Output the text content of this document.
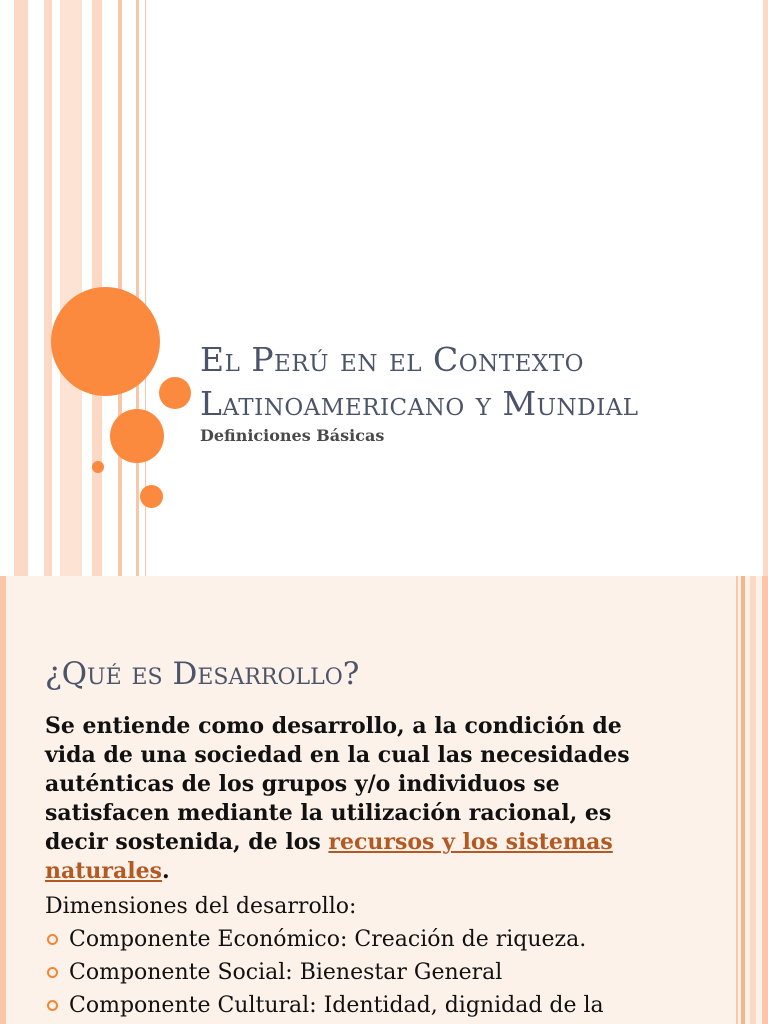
El Perú en el Contexto
Latinoamericano y Mundial
Definiciones Básicas
¿Qué es Desarrollo?
Se entiende como desarrollo, a la condición de vida de una sociedad en la cual las necesidades auténticas de los grupos y/o individuos se satisfacen mediante la utilización racional, es decir sostenida, de los recursos y los sistemas naturales.
Dimensiones del desarrollo:
Componente Económico: Creación de riqueza.
Componente Social: Bienestar General
Componente Cultural: Identidad, dignidad de la
